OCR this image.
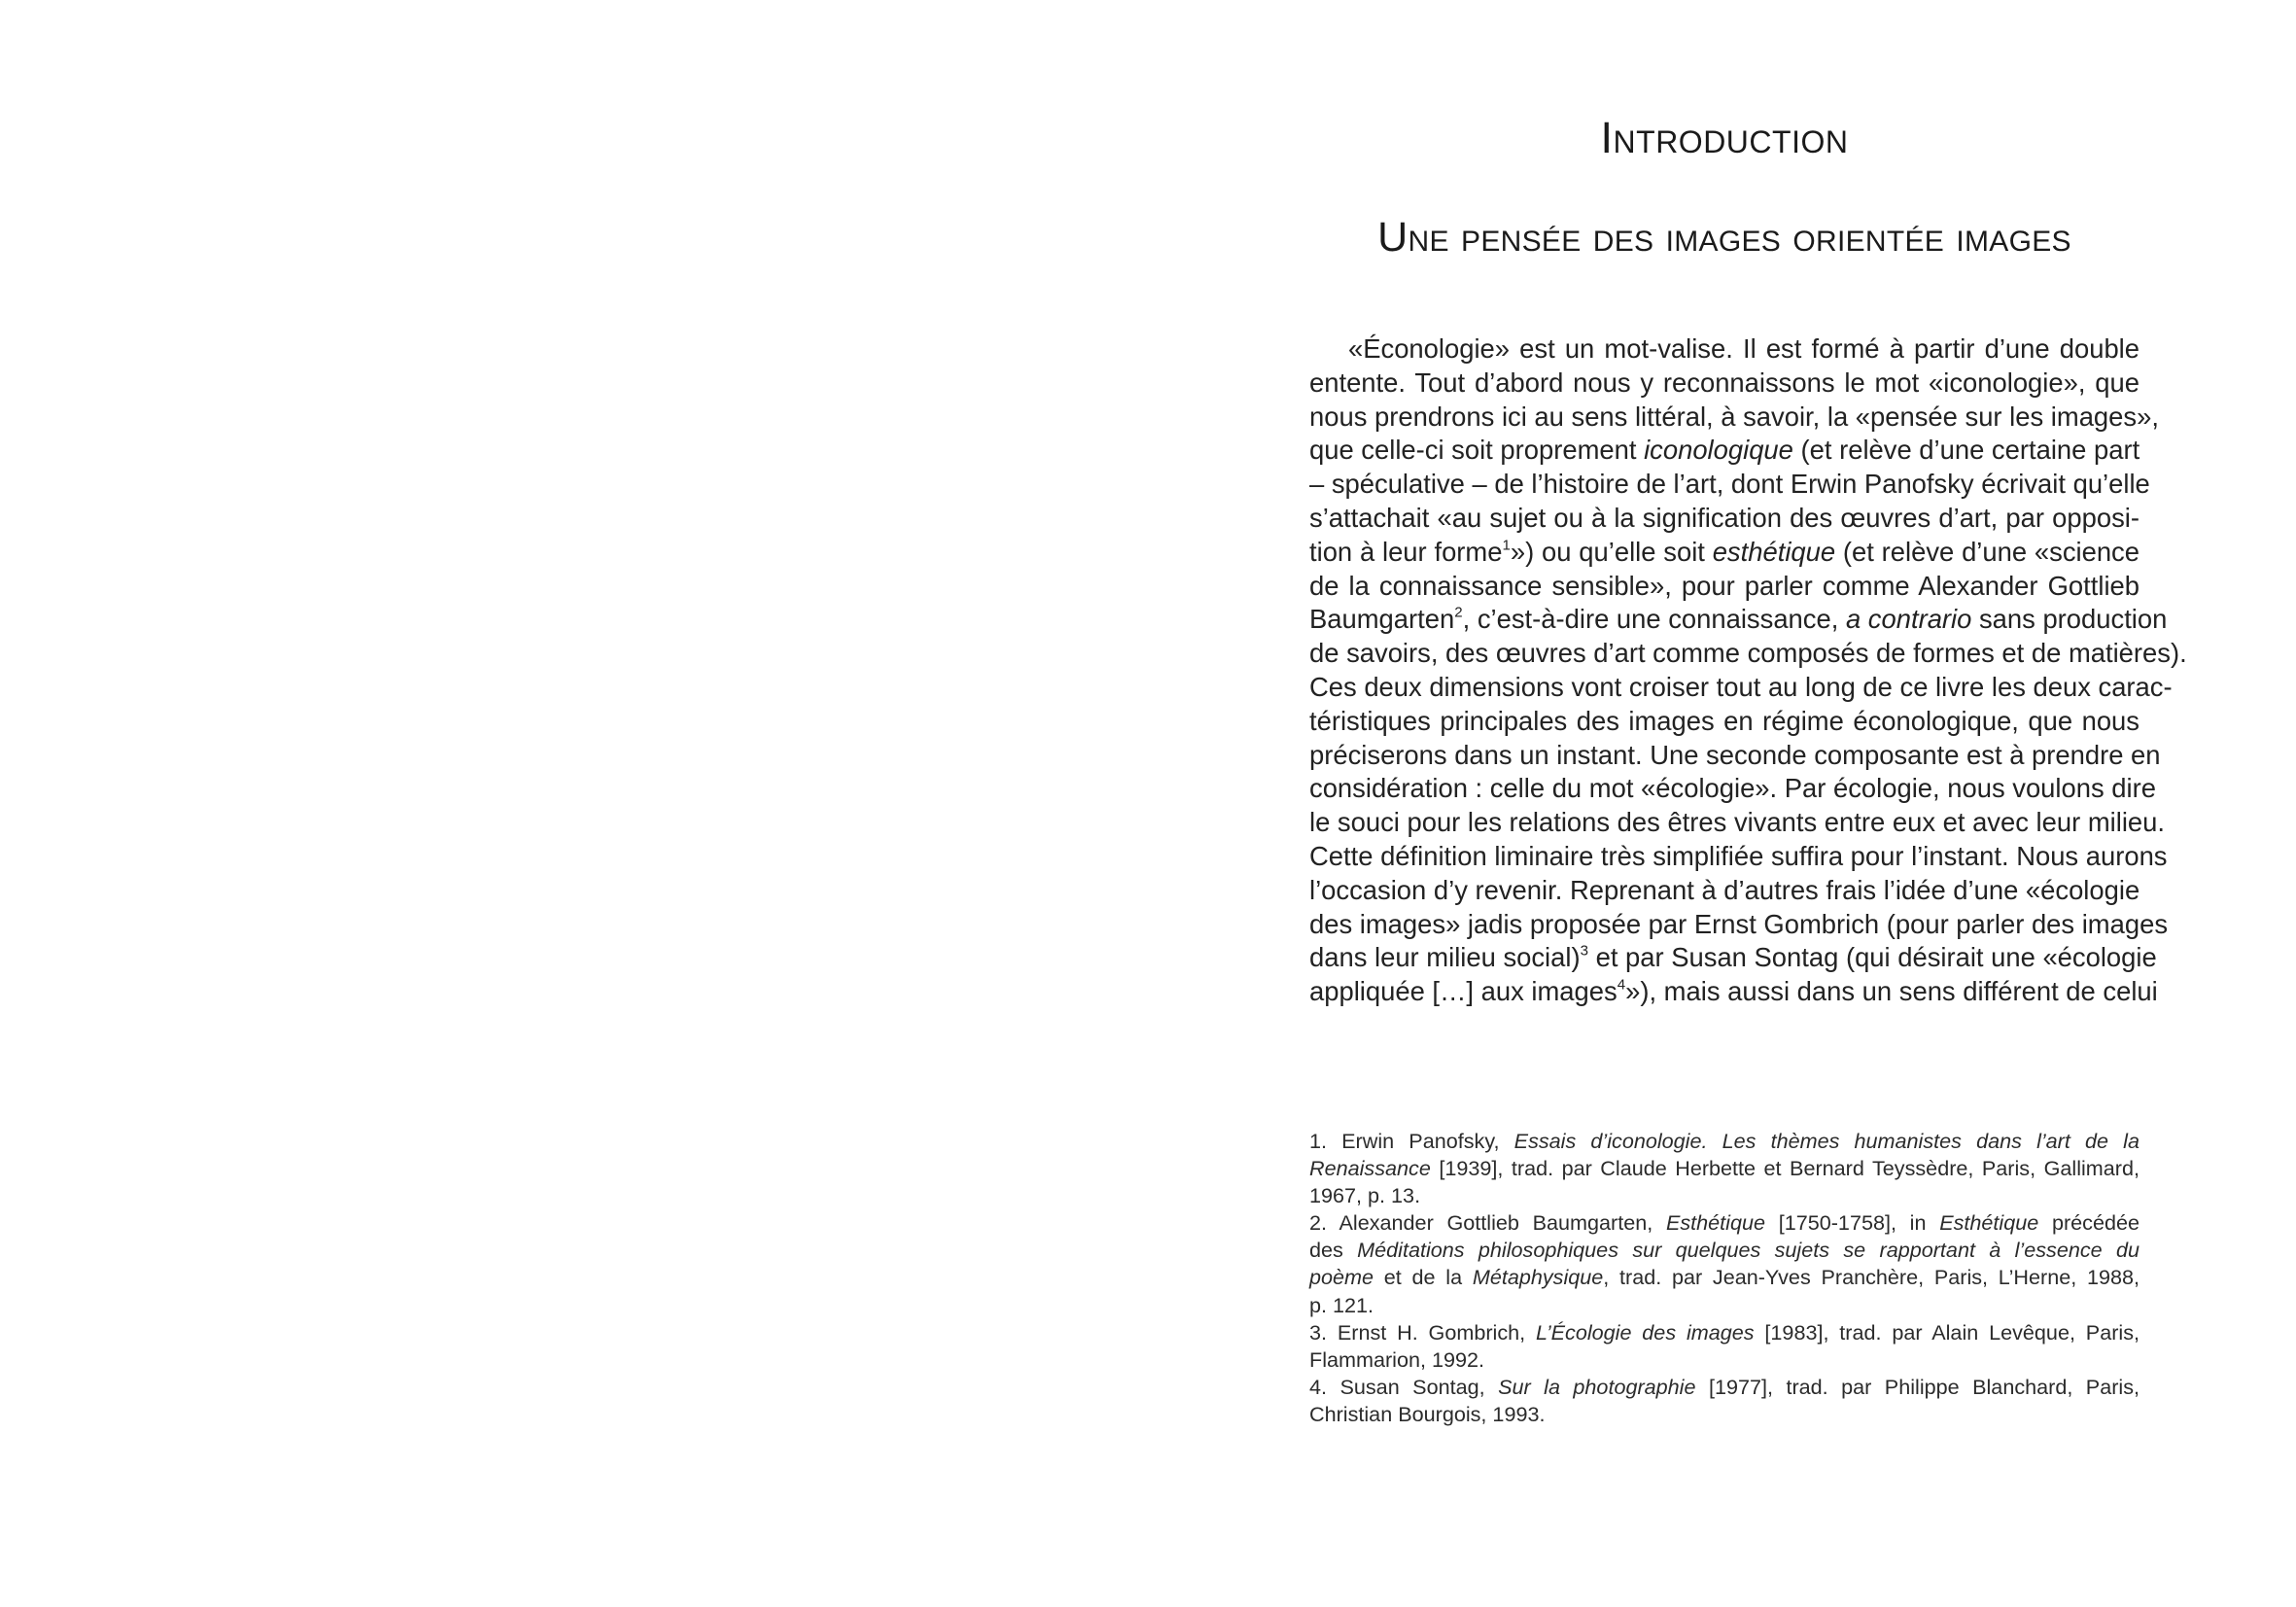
Introduction
Une pensée des images orientée images
«Éconologie» est un mot-valise. Il est formé à partir d’une double
entente. Tout d’abord nous y reconnaissons le mot «iconologie», que
nous prendrons ici au sens littéral, à savoir, la «pensée sur les images»,
que celle-ci soit proprement iconologique (et relève d’une certaine part
– spéculative – de l’histoire de l’art, dont Erwin Panofsky écrivait qu’elle
s’attachait «au sujet ou à la signification des œuvres d’art, par opposi-
tion à leur forme$^1$») ou qu’elle soit esthétique (et relève d’une «science
de la connaissance sensible», pour parler comme Alexander Gottlieb
Baumgarten$^2$, c’est-à-dire une connaissance, a contrario sans production
de savoirs, des œuvres d’art comme composés de formes et de matières).
Ces deux dimensions vont croiser tout au long de ce livre les deux carac-
téristiques principales des images en régime éconologique, que nous
préciserons dans un instant. Une seconde composante est à prendre en
considération : celle du mot «écologie». Par écologie, nous voulons dire
le souci pour les relations des êtres vivants entre eux et avec leur milieu.
Cette définition liminaire très simplifiée suffira pour l’instant. Nous aurons
l’occasion d’y revenir. Reprenant à d’autres frais l’idée d’une «écologie
des images» jadis proposée par Ernst Gombrich (pour parler des images
dans leur milieu social)$^3$ et par Susan Sontag (qui désirait une «écologie
appliquée […] aux images$^4$»), mais aussi dans un sens différent de celui
1. Erwin Panofsky, Essais d’iconologie. Les thèmes humanistes dans l’art de la
Renaissance [1939], trad. par Claude Herbette et Bernard Teyssèdre, Paris, Gallimard,
1967, p. 13.
2. Alexander Gottlieb Baumgarten, Esthétique [1750-1758], in Esthétique précédée
des Méditations philosophiques sur quelques sujets se rapportant à l’essence du
poème et de la Métaphysique, trad. par Jean-Yves Pranchère, Paris, L’Herne, 1988,
p. 121.
3. Ernst H. Gombrich, L’Écologie des images [1983], trad. par Alain Levêque, Paris,
Flammarion, 1992.
4. Susan Sontag, Sur la photographie [1977], trad. par Philippe Blanchard, Paris,
Christian Bourgois, 1993.
